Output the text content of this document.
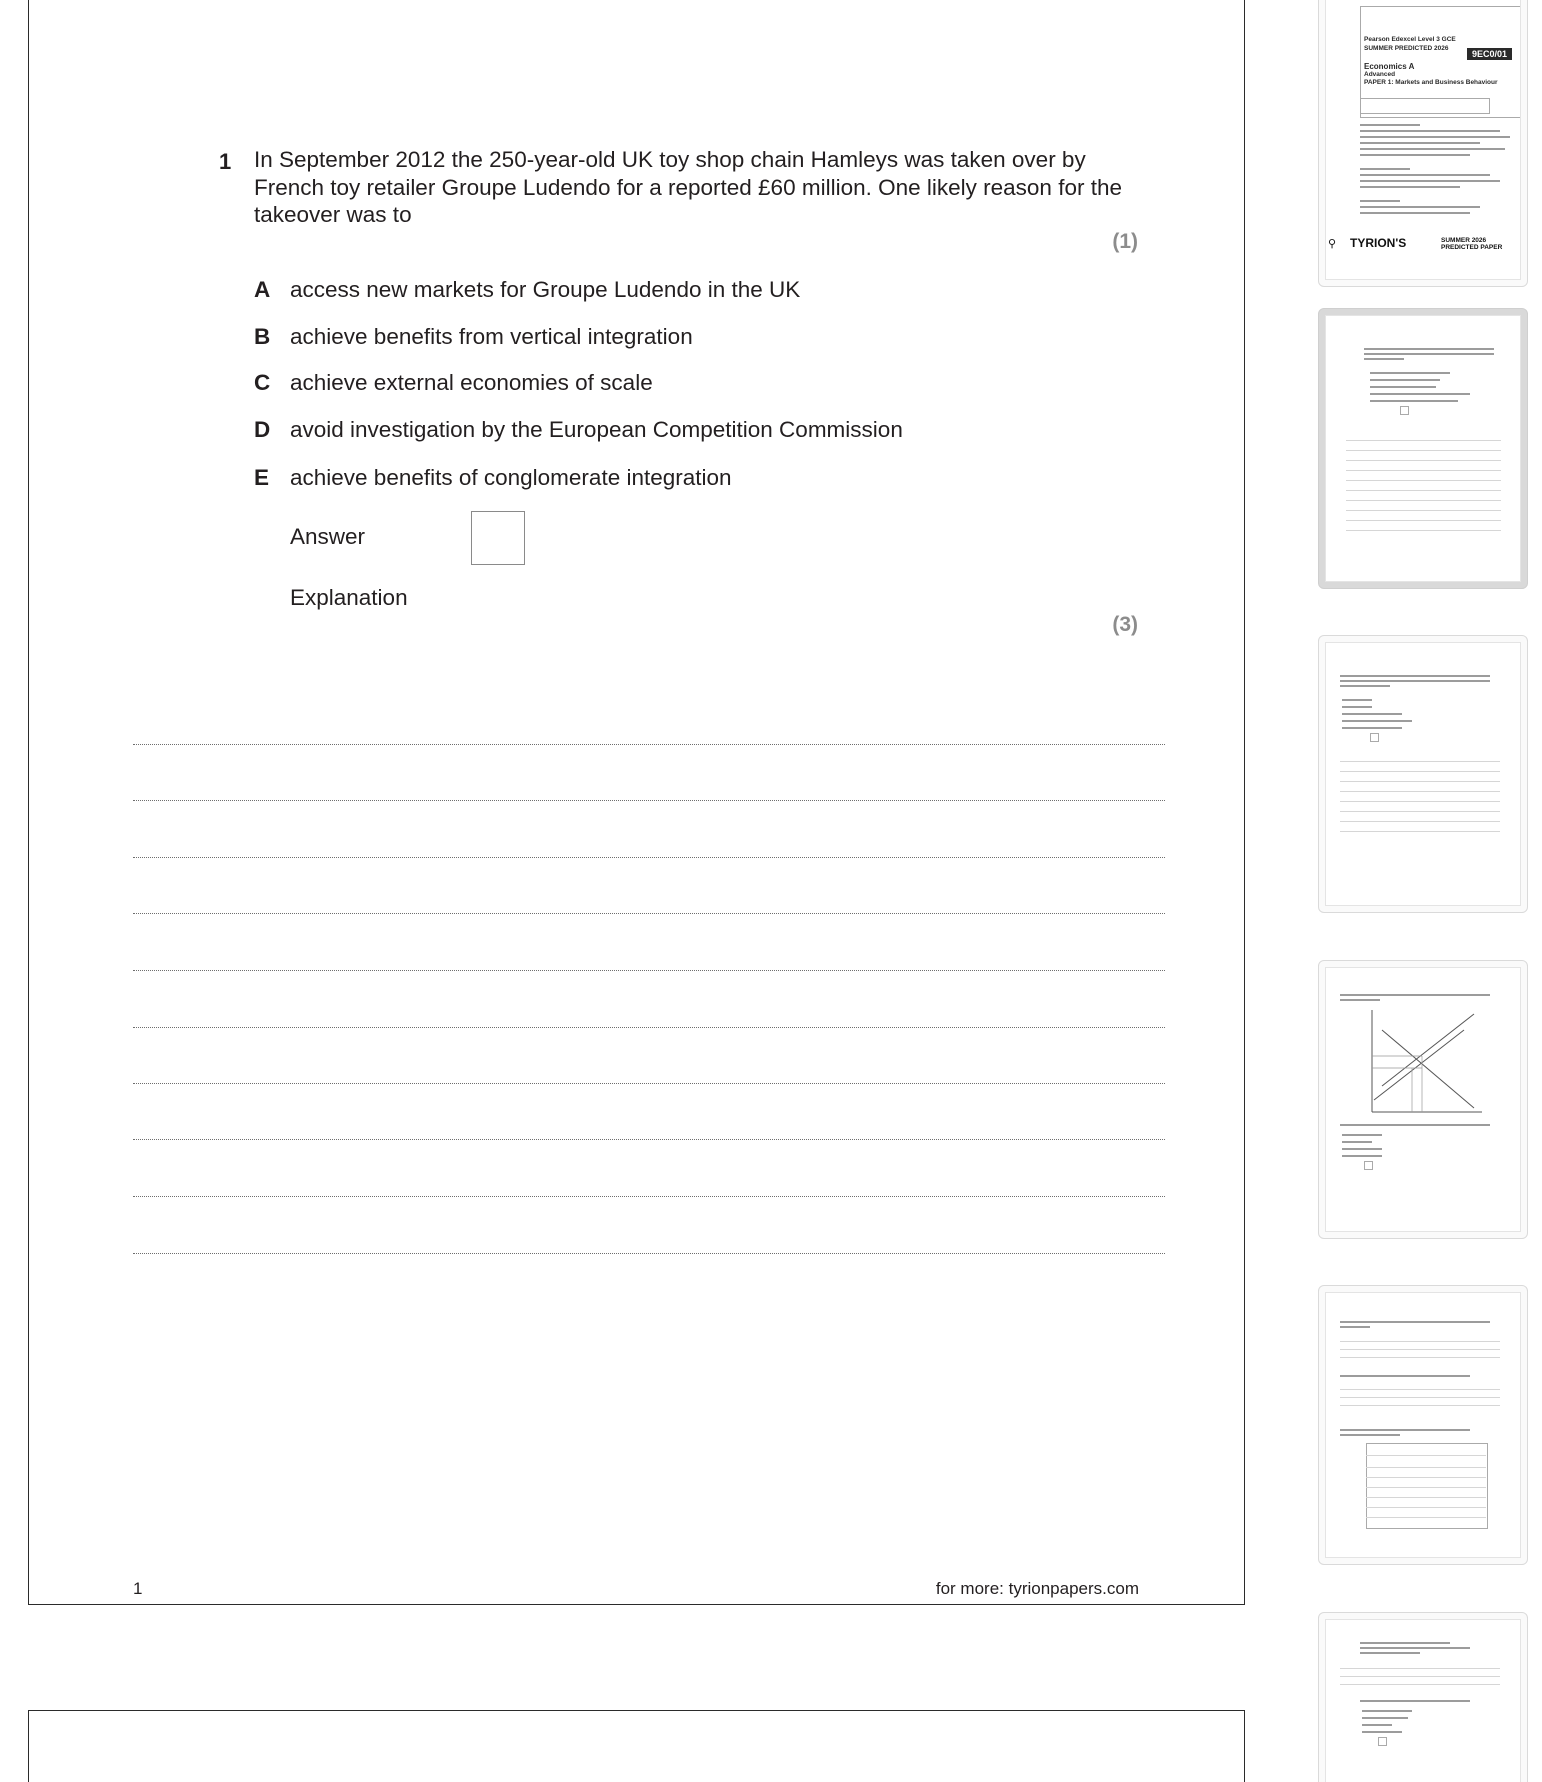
1 In September 2012 the 250-year-old UK toy shop chain Hamleys was taken over by French toy retailer Groupe Ludendo for a reported £60 million. One likely reason for the takeover was to
(1)
A access new markets for Groupe Ludendo in the UK
B achieve benefits from vertical integration
C achieve external economies of scale
D avoid investigation by the European Competition Commission
E achieve benefits of conglomerate integration
Answer
Explanation
(3)
1	for more: tyrionpapers.com
Pearson Edexcel Level 3 GCE
SUMMER PREDICTED 2026
9EC0/01
Economics A
Advanced
PAPER 1: Markets and Business Behaviour
⚲ TYRION'S	SUMMER 2026 PREDICTED PAPER
